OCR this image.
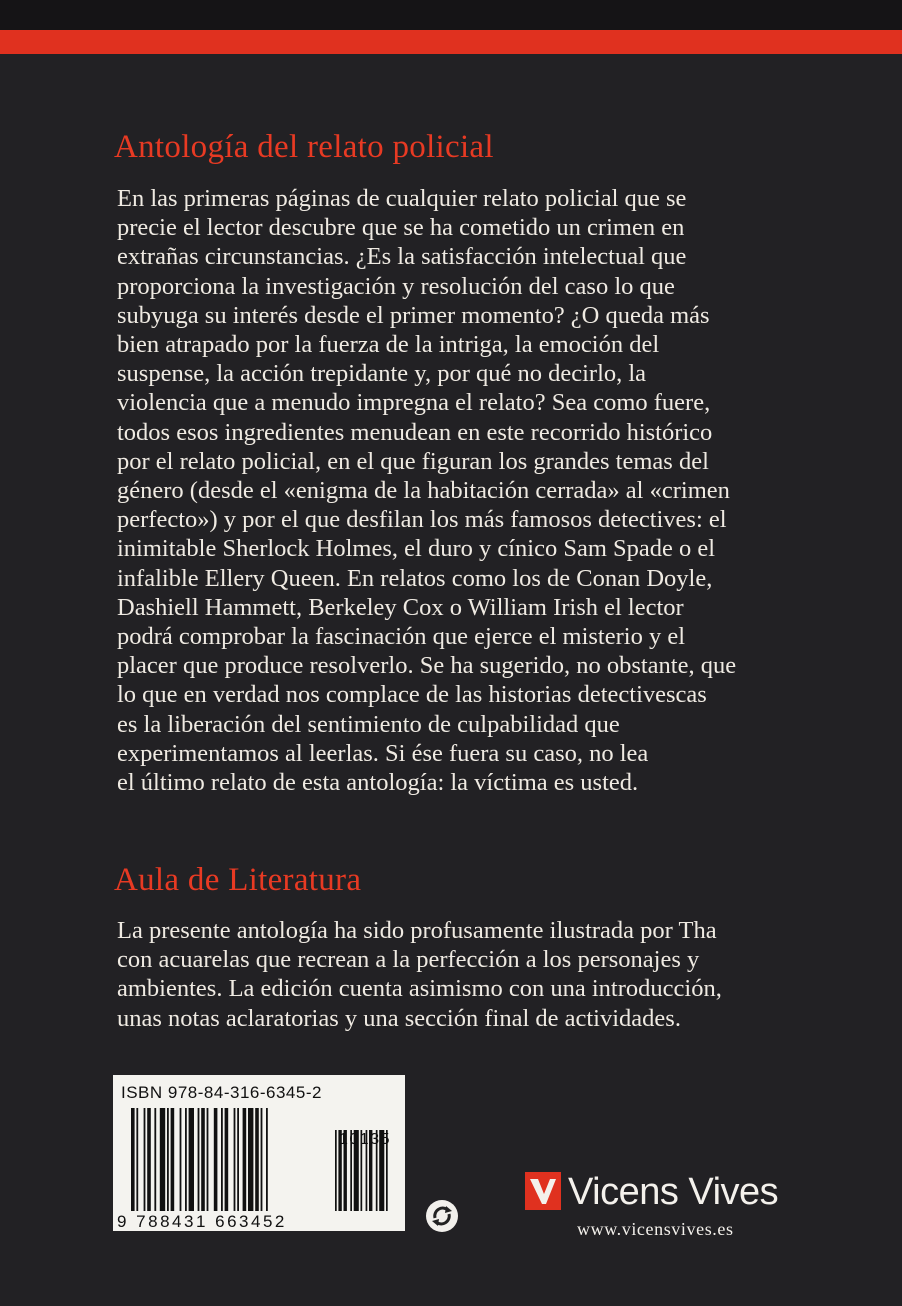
Antología del relato policial
En las primeras páginas de cualquier relato policial que se
precie el lector descubre que se ha cometido un crimen en
extrañas circunstancias. ¿Es la satisfacción intelectual que
proporciona la investigación y resolución del caso lo que
subyuga su interés desde el primer momento? ¿O queda más
bien atrapado por la fuerza de la intriga, la emoción del
suspense, la acción trepidante y, por qué no decirlo, la
violencia que a menudo impregna el relato? Sea como fuere,
todos esos ingredientes menudean en este recorrido histórico
por el relato policial, en el que figuran los grandes temas del
género (desde el «enigma de la habitación cerrada» al «crimen
perfecto») y por el que desfilan los más famosos detectives: el
inimitable Sherlock Holmes, el duro y cínico Sam Spade o el
infalible Ellery Queen. En relatos como los de Conan Doyle,
Dashiell Hammett, Berkeley Cox o William Irish el lector
podrá comprobar la fascinación que ejerce el misterio y el
placer que produce resolverlo. Se ha sugerido, no obstante, que
lo que en verdad nos complace de las historias detectivescas
es la liberación del sentimiento de culpabilidad que
experimentamos al leerlas. Si ése fuera su caso, no lea
el último relato de esta antología: la víctima es usted.
Aula de Literatura
La presente antología ha sido profusamente ilustrada por Tha
con acuarelas que recrean a la perfección a los personajes y
ambientes. La edición cuenta asimismo con una introducción,
unas notas aclaratorias y una sección final de actividades.
ISBN 978-84-316-6345-2
10135
9 788431 663452
Vicens Vives
www.vicensvives.es
